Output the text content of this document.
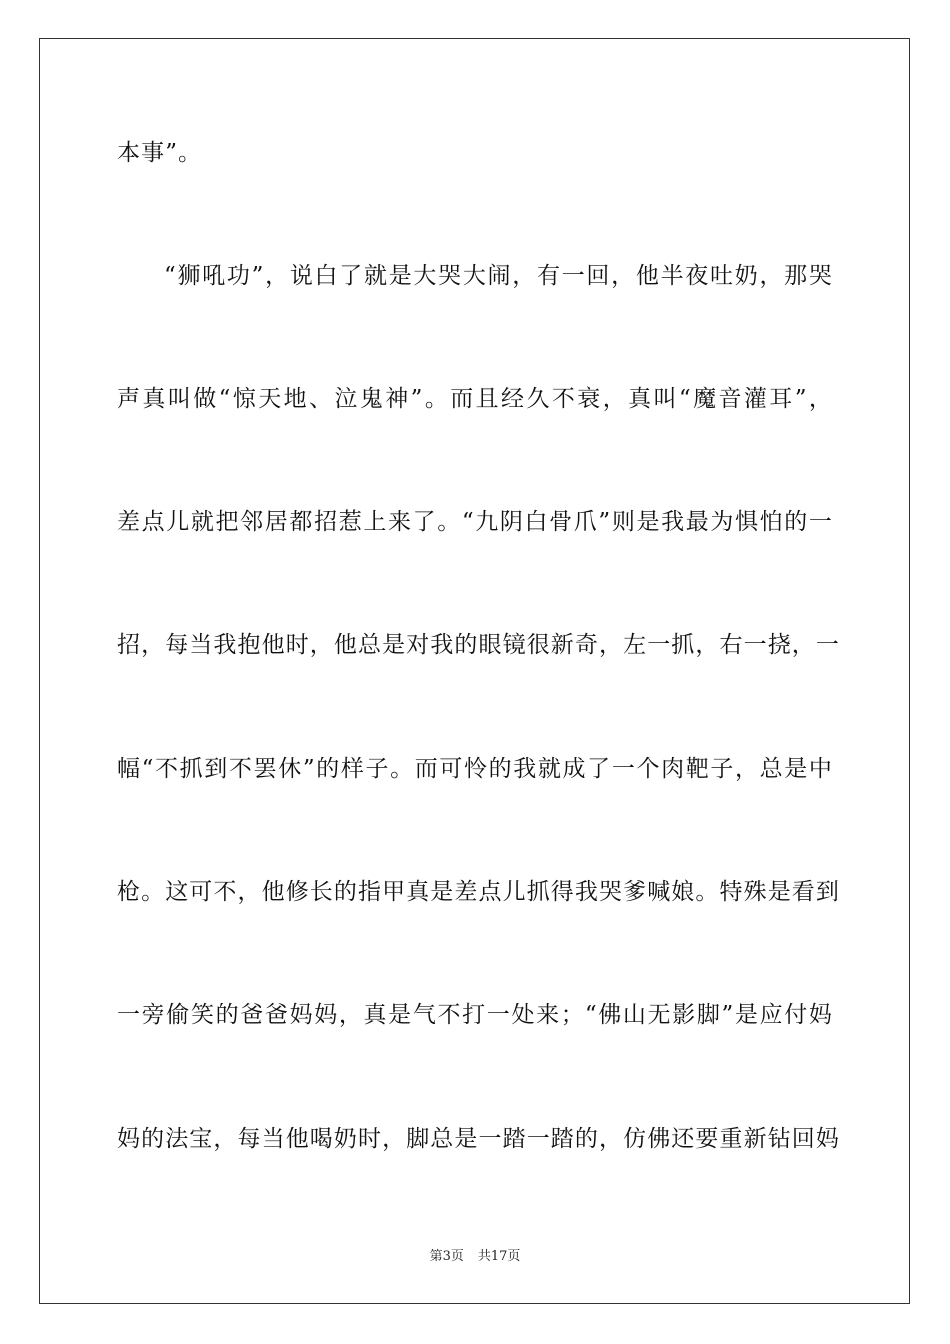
本事”。
“狮吼功”，说白了就是大哭大闹，有一回，他半夜吐奶，那哭
声真叫做“惊天地、泣鬼神”。而且经久不衰，真叫“魔音灌耳”，
差点儿就把邻居都招惹上来了。“九阴白骨爪”则是我最为惧怕的一
招，每当我抱他时，他总是对我的眼镜很新奇，左一抓，右一挠，一
幅“不抓到不罢休”的样子。而可怜的我就成了一个肉靶子，总是中
枪。这可不，他修长的指甲真是差点儿抓得我哭爹喊娘。特殊是看到
一旁偷笑的爸爸妈妈，真是气不打一处来；“佛山无影脚”是应付妈
妈的法宝，每当他喝奶时，脚总是一踏一踏的，仿佛还要重新钻回妈
第3页 共17页
